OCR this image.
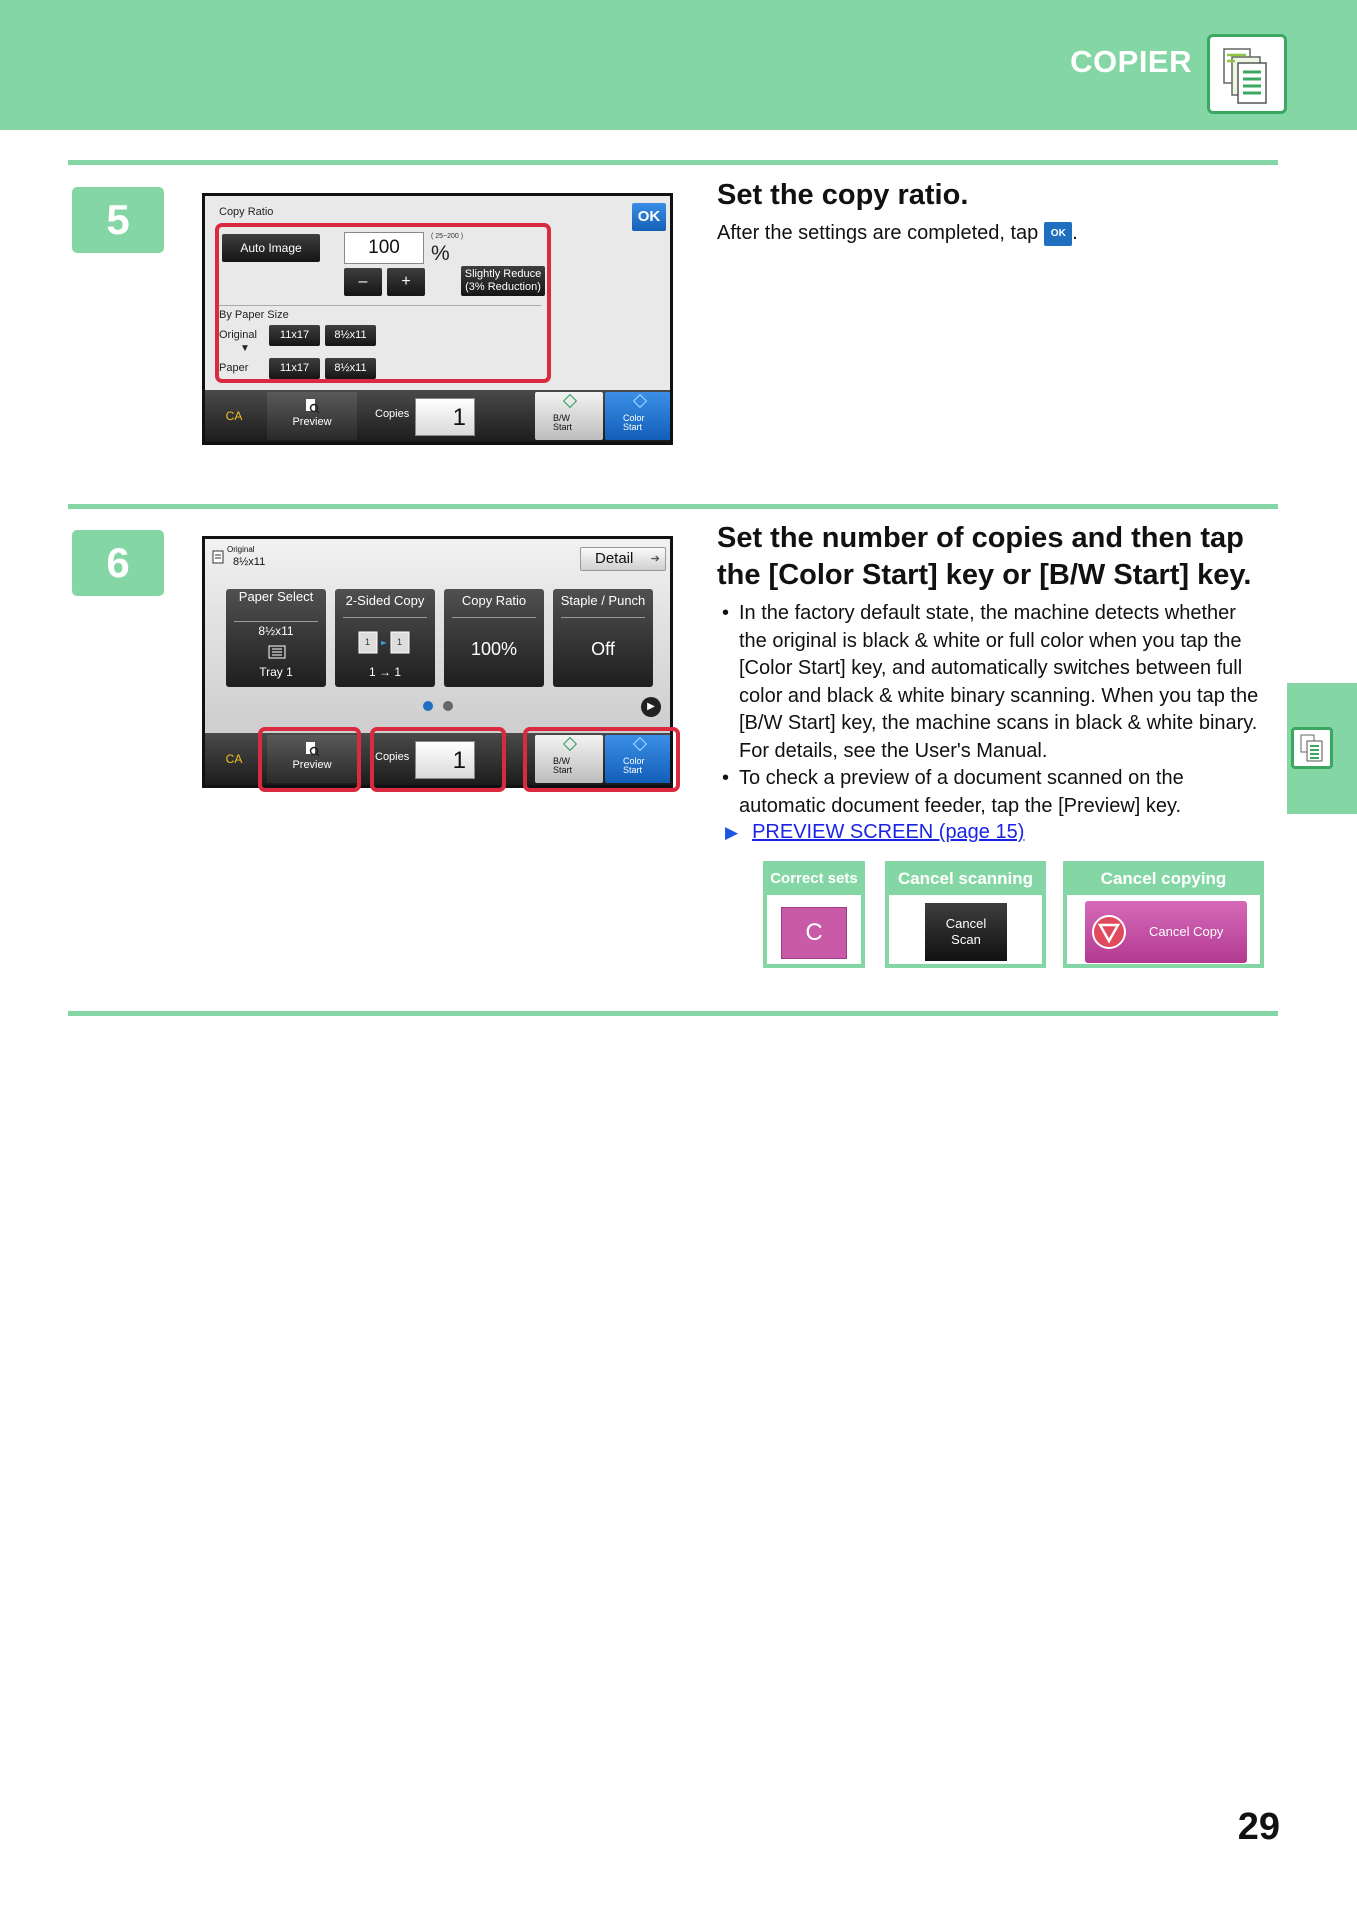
COPIER
5	Copy Ratio	OK
Auto Image	100
( 25~200 )
%
–	+	Slightly Reduce
(3% Reduction)
By Paper Size
Original
▼
Paper
11x17	8½x11
11x17	8½x11
CA	Preview
Copies	1	B/W
Start
Color
Start
Set the copy ratio.
After the settings are completed, tap OK .
6	Original
8½x11	Detail ➔
Paper Select
8½x11
Tray 1
2-Sided Copy
1	1
1 → 1
Copy Ratio
100%
Staple / Punch
Off
▶
CA	Preview
Copies	1	B/W
Start
Color
Start
Set the number of copies and then tap
the [Color Start] key or [B/W Start] key.
• In the factory default state, the machine detects whether the original is black & white or full color when you tap the [Color Start] key, and automatically switches between full color and black & white binary scanning. When you tap the [B/W Start] key, the machine scans in black & white binary. For details, see the User's Manual.
• To check a preview of a document scanned on the automatic document feeder, tap the [Preview] key.
▶ PREVIEW SCREEN (page 15)
Correct sets
C
Cancel scanning
Cancel
Scan
Cancel copying
Cancel Copy
29
